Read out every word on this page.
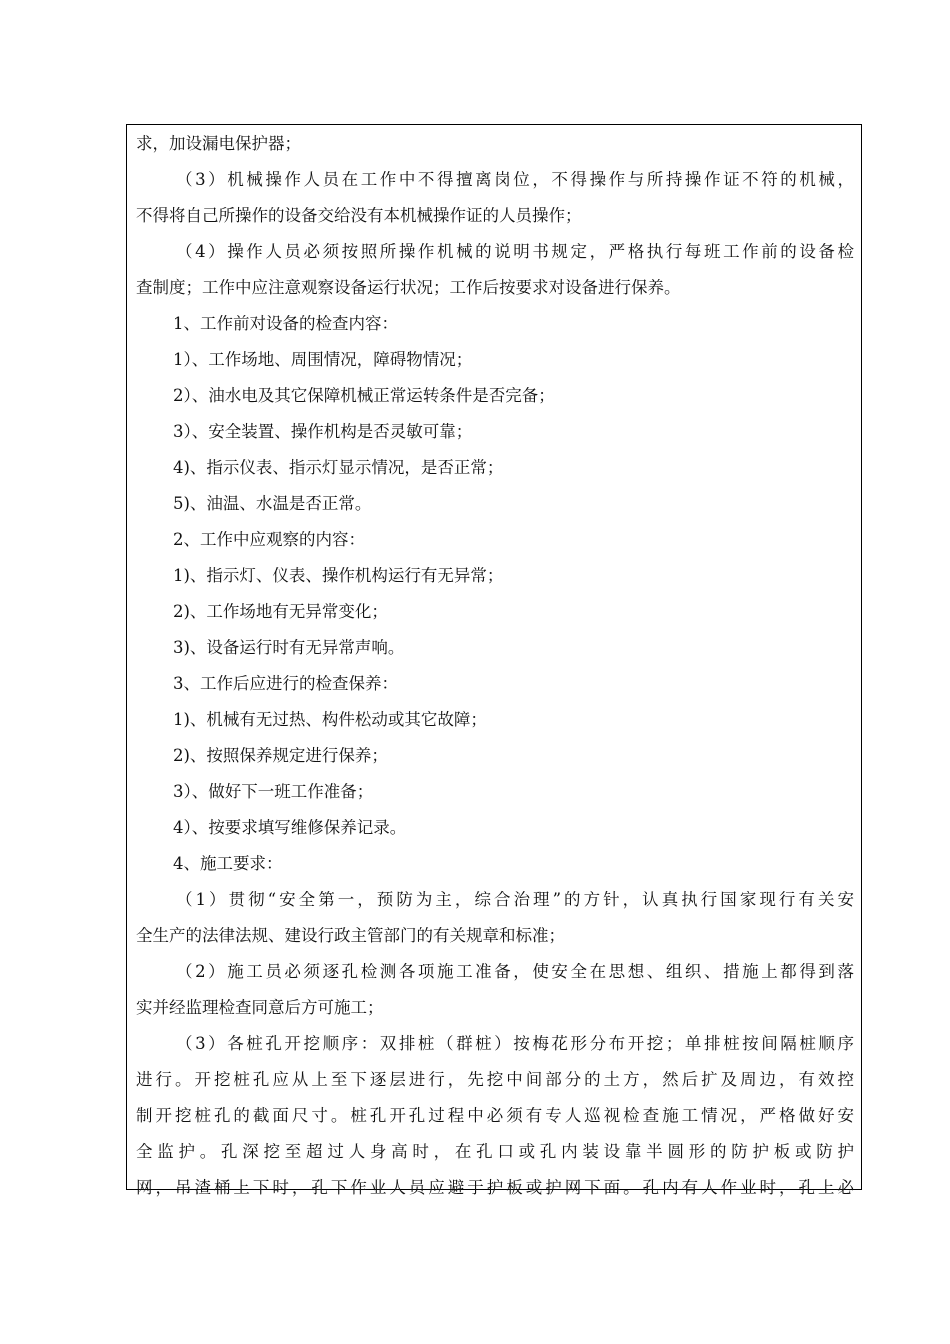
求，加设漏电保护器；
（3）机械操作人员在工作中不得擅离岗位，不得操作与所持操作证不符的机械，
不得将自己所操作的设备交给没有本机械操作证的人员操作；
（4）操作人员必须按照所操作机械的说明书规定，严格执行每班工作前的设备检
查制度；工作中应注意观察设备运行状况；工作后按要求对设备进行保养。
1、工作前对设备的检查内容：
1）、工作场地、周围情况，障碍物情况；
2）、油水电及其它保障机械正常运转条件是否完备；
3）、安全装置、操作机构是否灵敏可靠；
4)、指示仪表、指示灯显示情况，是否正常；
5)、油温、水温是否正常。
2、工作中应观察的内容：
1)、指示灯、仪表、操作机构运行有无异常；
2)、工作场地有无异常变化；
3)、设备运行时有无异常声响。
3、工作后应进行的检查保养：
1)、机械有无过热、构件松动或其它故障；
2)、按照保养规定进行保养；
3）、做好下一班工作准备；
4）、按要求填写维修保养记录。
4、施工要求：
（1）贯彻“安全第一，预防为主，综合治理”的方针，认真执行国家现行有关安
全生产的法律法规、建设行政主管部门的有关规章和标准；
（2）施工员必须逐孔检测各项施工准备，使安全在思想、组织、措施上都得到落
实并经监理检查同意后方可施工；
（3）各桩孔开挖顺序：双排桩（群桩）按梅花形分布开挖；单排桩按间隔桩顺序
进行。开挖桩孔应从上至下逐层进行，先挖中间部分的土方，然后扩及周边，有效控
制开挖桩孔的截面尺寸。桩孔开孔过程中必须有专人巡视检查施工情况，严格做好安
全监护。孔深挖至超过人身高时，在孔口或孔内装设靠半圆形的防护板或防护
网，吊渣桶上下时，孔下作业人员应避于护板或护网下面。孔内有人作业时，孔上必
